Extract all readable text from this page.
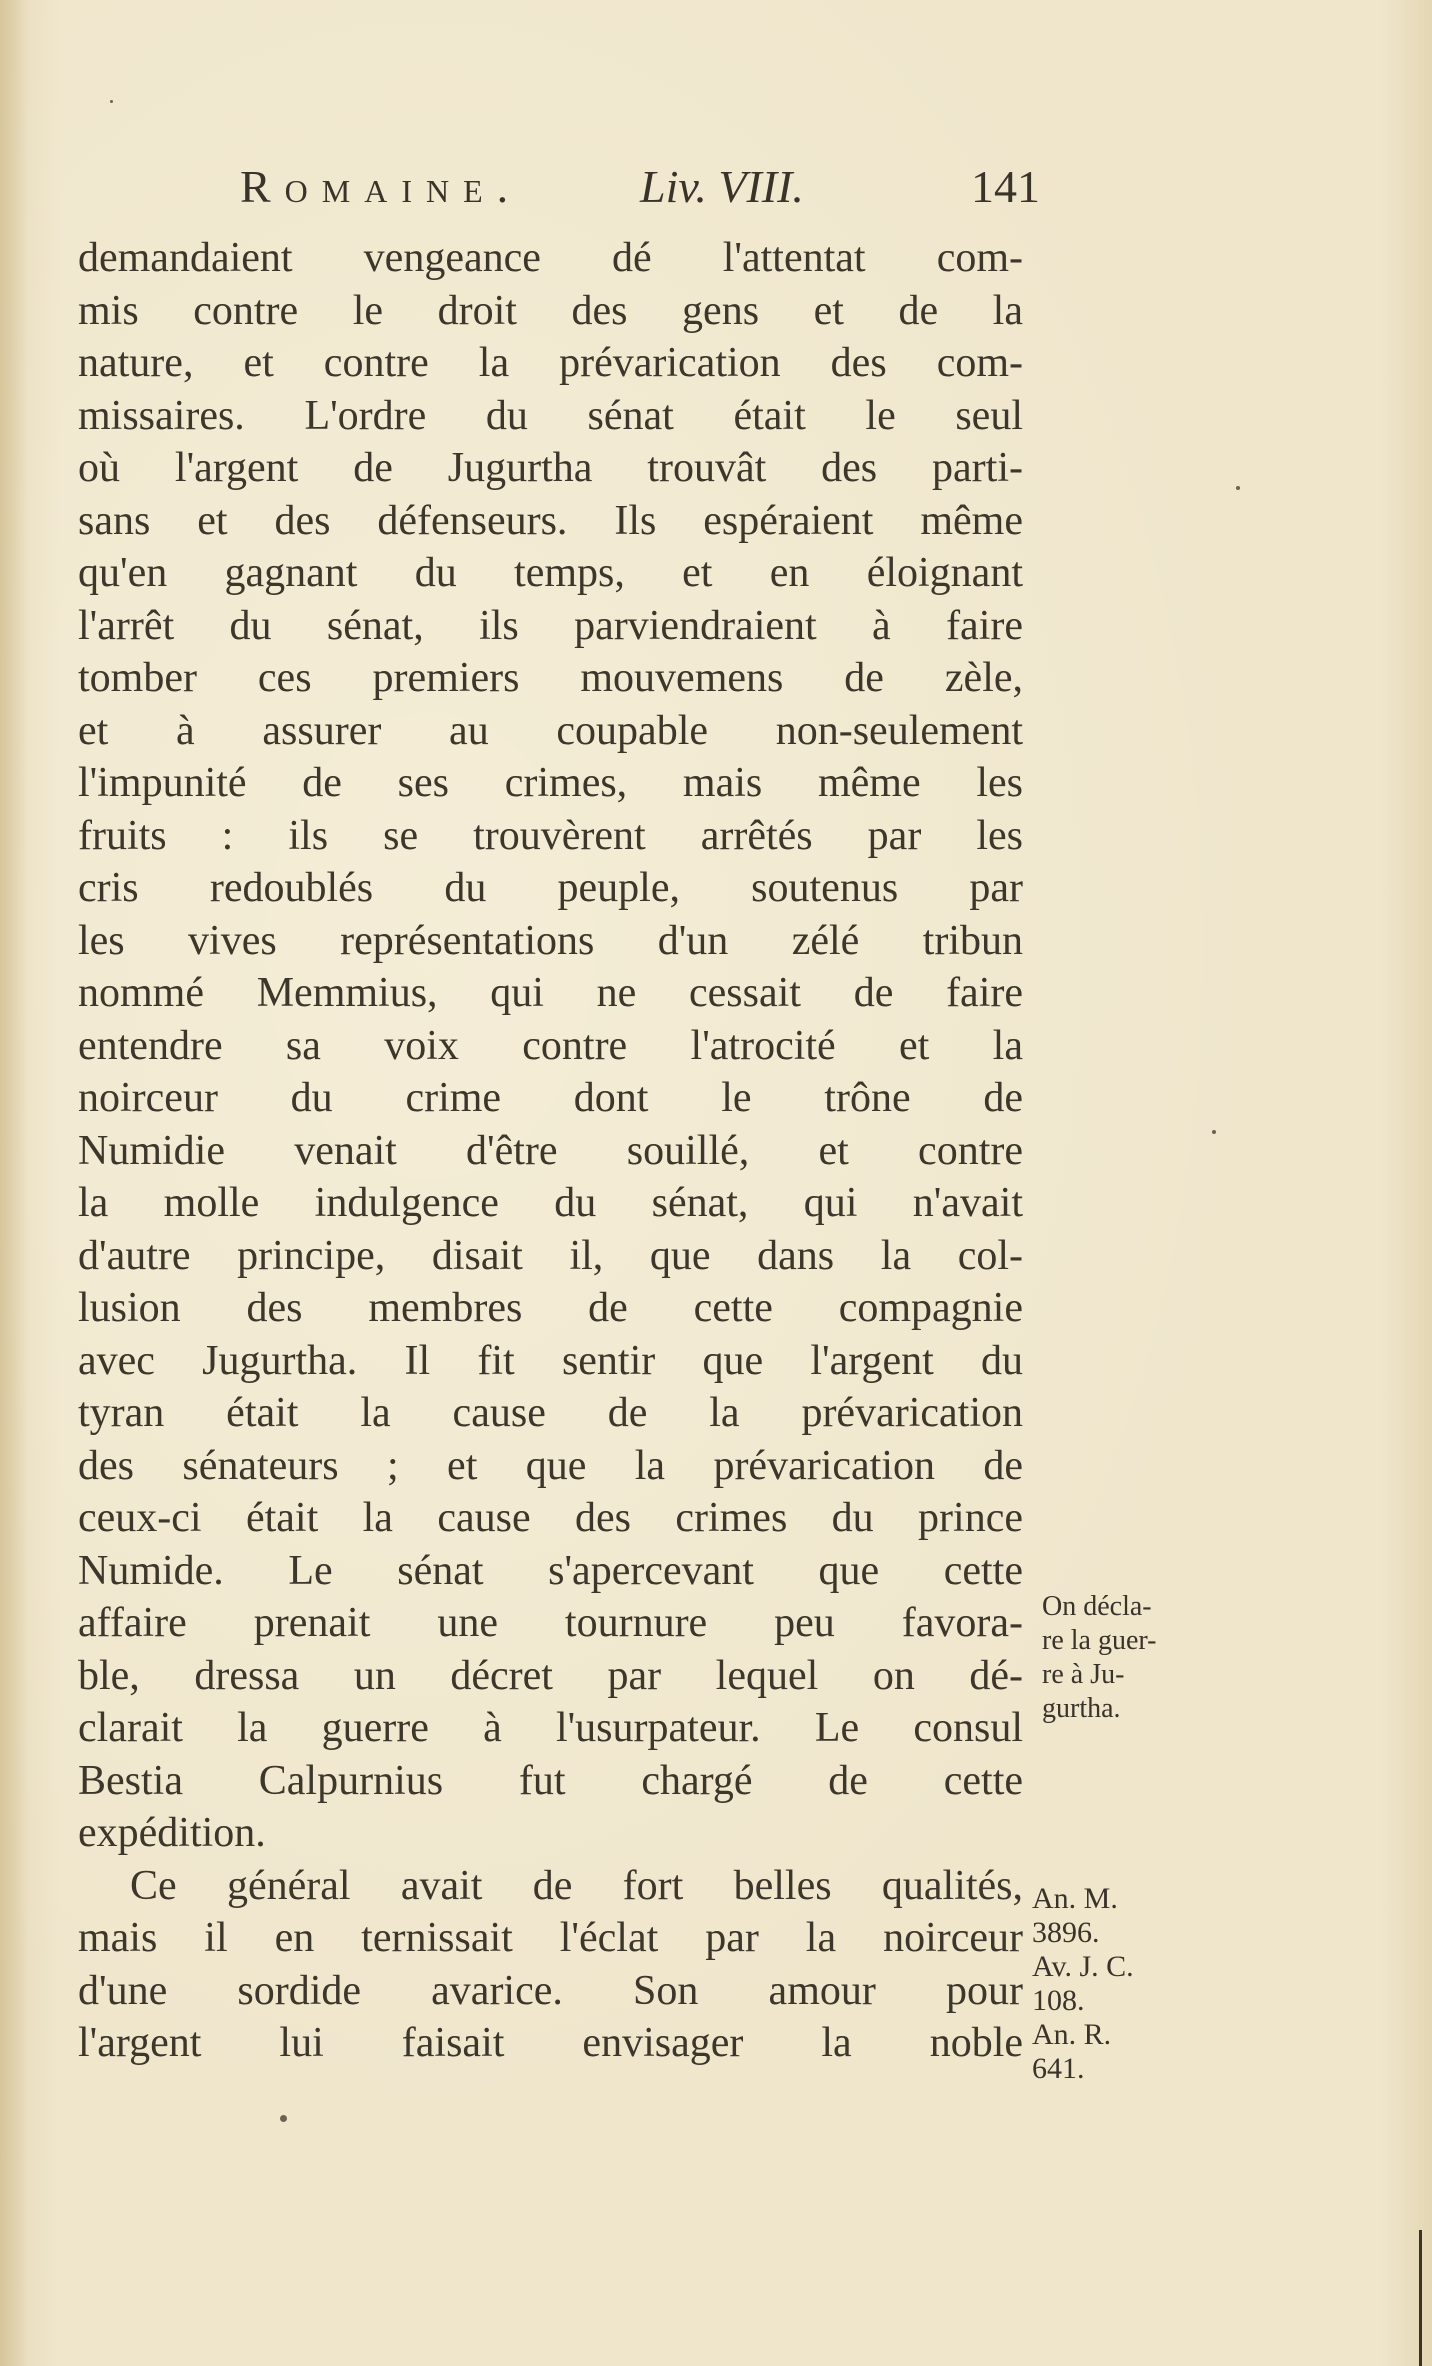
Romaine.	Liv. VIII.	141
demandaient vengeance dé l'attentat com-
mis contre le droit des gens et de la
nature, et contre la prévarication des com-
missaires. L'ordre du sénat était le seul
où l'argent de Jugurtha trouvât des parti-
sans et des défenseurs. Ils espéraient même
qu'en gagnant du temps, et en éloignant
l'arrêt du sénat, ils parviendraient à faire
tomber ces premiers mouvemens de zèle,
et à assurer au coupable non-seulement
l'impunité de ses crimes, mais même les
fruits : ils se trouvèrent arrêtés par les
cris redoublés du peuple, soutenus par
les vives représentations d'un zélé tribun
nommé Memmius, qui ne cessait de faire
entendre sa voix contre l'atrocité et la
noirceur du crime dont le trône de
Numidie venait d'être souillé, et contre
la molle indulgence du sénat, qui n'avait
d'autre principe, disait il, que dans la col-
lusion des membres de cette compagnie
avec Jugurtha. Il fit sentir que l'argent du
tyran était la cause de la prévarication
des sénateurs ; et que la prévarication de
ceux-ci était la cause des crimes du prince
Numide. Le sénat s'apercevant que cette
affaire prenait une tournure peu favora-
ble, dressa un décret par lequel on dé-
clarait la guerre à l'usurpateur. Le consul
Bestia Calpurnius fut chargé de cette
expédition.
Ce général avait de fort belles qualités,
mais il en ternissait l'éclat par la noirceur
d'une sordide avarice. Son amour pour
l'argent lui faisait envisager la noble
On décla-
re la guer-
re à Ju-
gurtha.
An. M.
3896.
Av. J. C.
108.
An. R.
641.
